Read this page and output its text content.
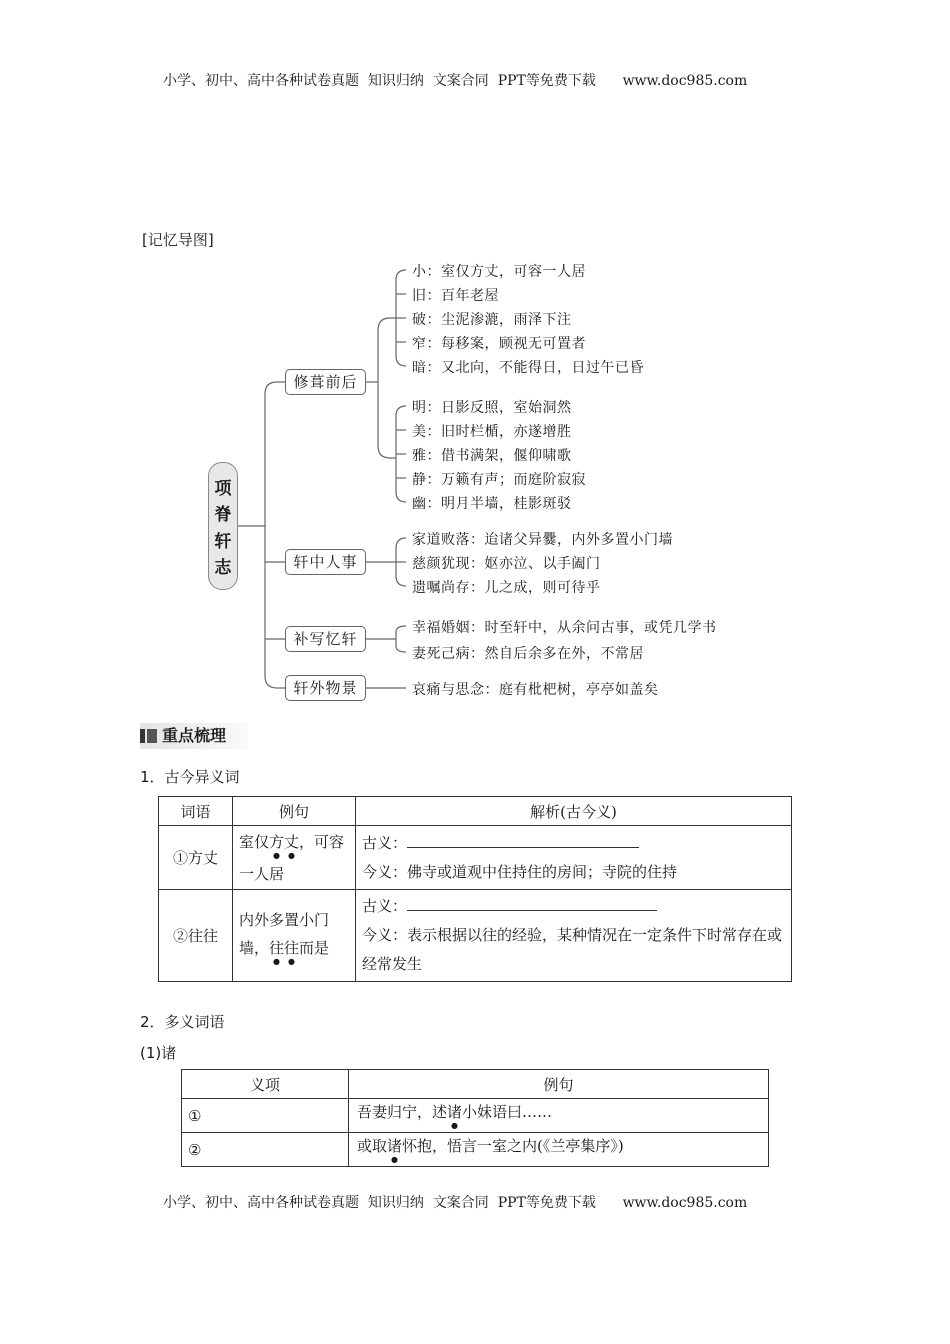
小学、初中、高中各种试卷真题  知识归纳  文案合同  PPT等免费下载      www.doc985.com
[记忆导图]
项
脊
轩
志
修葺前后
轩中人事
补写忆轩
轩外物景
小：室仅方丈，可容一人居
旧：百年老屋
破：尘泥渗漉，雨泽下注
窄：每移案，顾视无可置者
暗：又北向，不能得日，日过午已昏
明：日影反照，室始洞然
美：旧时栏楯，亦遂增胜
雅：借书满架，偃仰啸歌
静：万籁有声；而庭阶寂寂
幽：明月半墙，桂影斑驳
家道败落：迨诸父异爨，内外多置小门墙
慈颜犹现：妪亦泣、以手阖门
遗嘱尚存：儿之成，则可待乎
幸福婚姻：时至轩中，从余问古事，或凭几学书
妻死己病：然自后余多在外，不常居
哀痛与思念：庭有枇杷树，亭亭如盖矣
重点梳理
1．古今异义词
词语	例句	解析(古今义)
①方丈	室仅方丈，可容一人居	古义：
今义：佛寺或道观中住持住的房间；寺院的住持

②往往	内外多置小门墙，往往而是	古义：
今义：表示根据以往的经验，某种情况在一定条件下时常存在或经常发生
2．多义词语
(1)诸
义项	例句
①	吾妻归宁，述诸小妹语曰……
②	或取诸怀抱，悟言一室之内(《兰亭集序》)
小学、初中、高中各种试卷真题  知识归纳  文案合同  PPT等免费下载      www.doc985.com
